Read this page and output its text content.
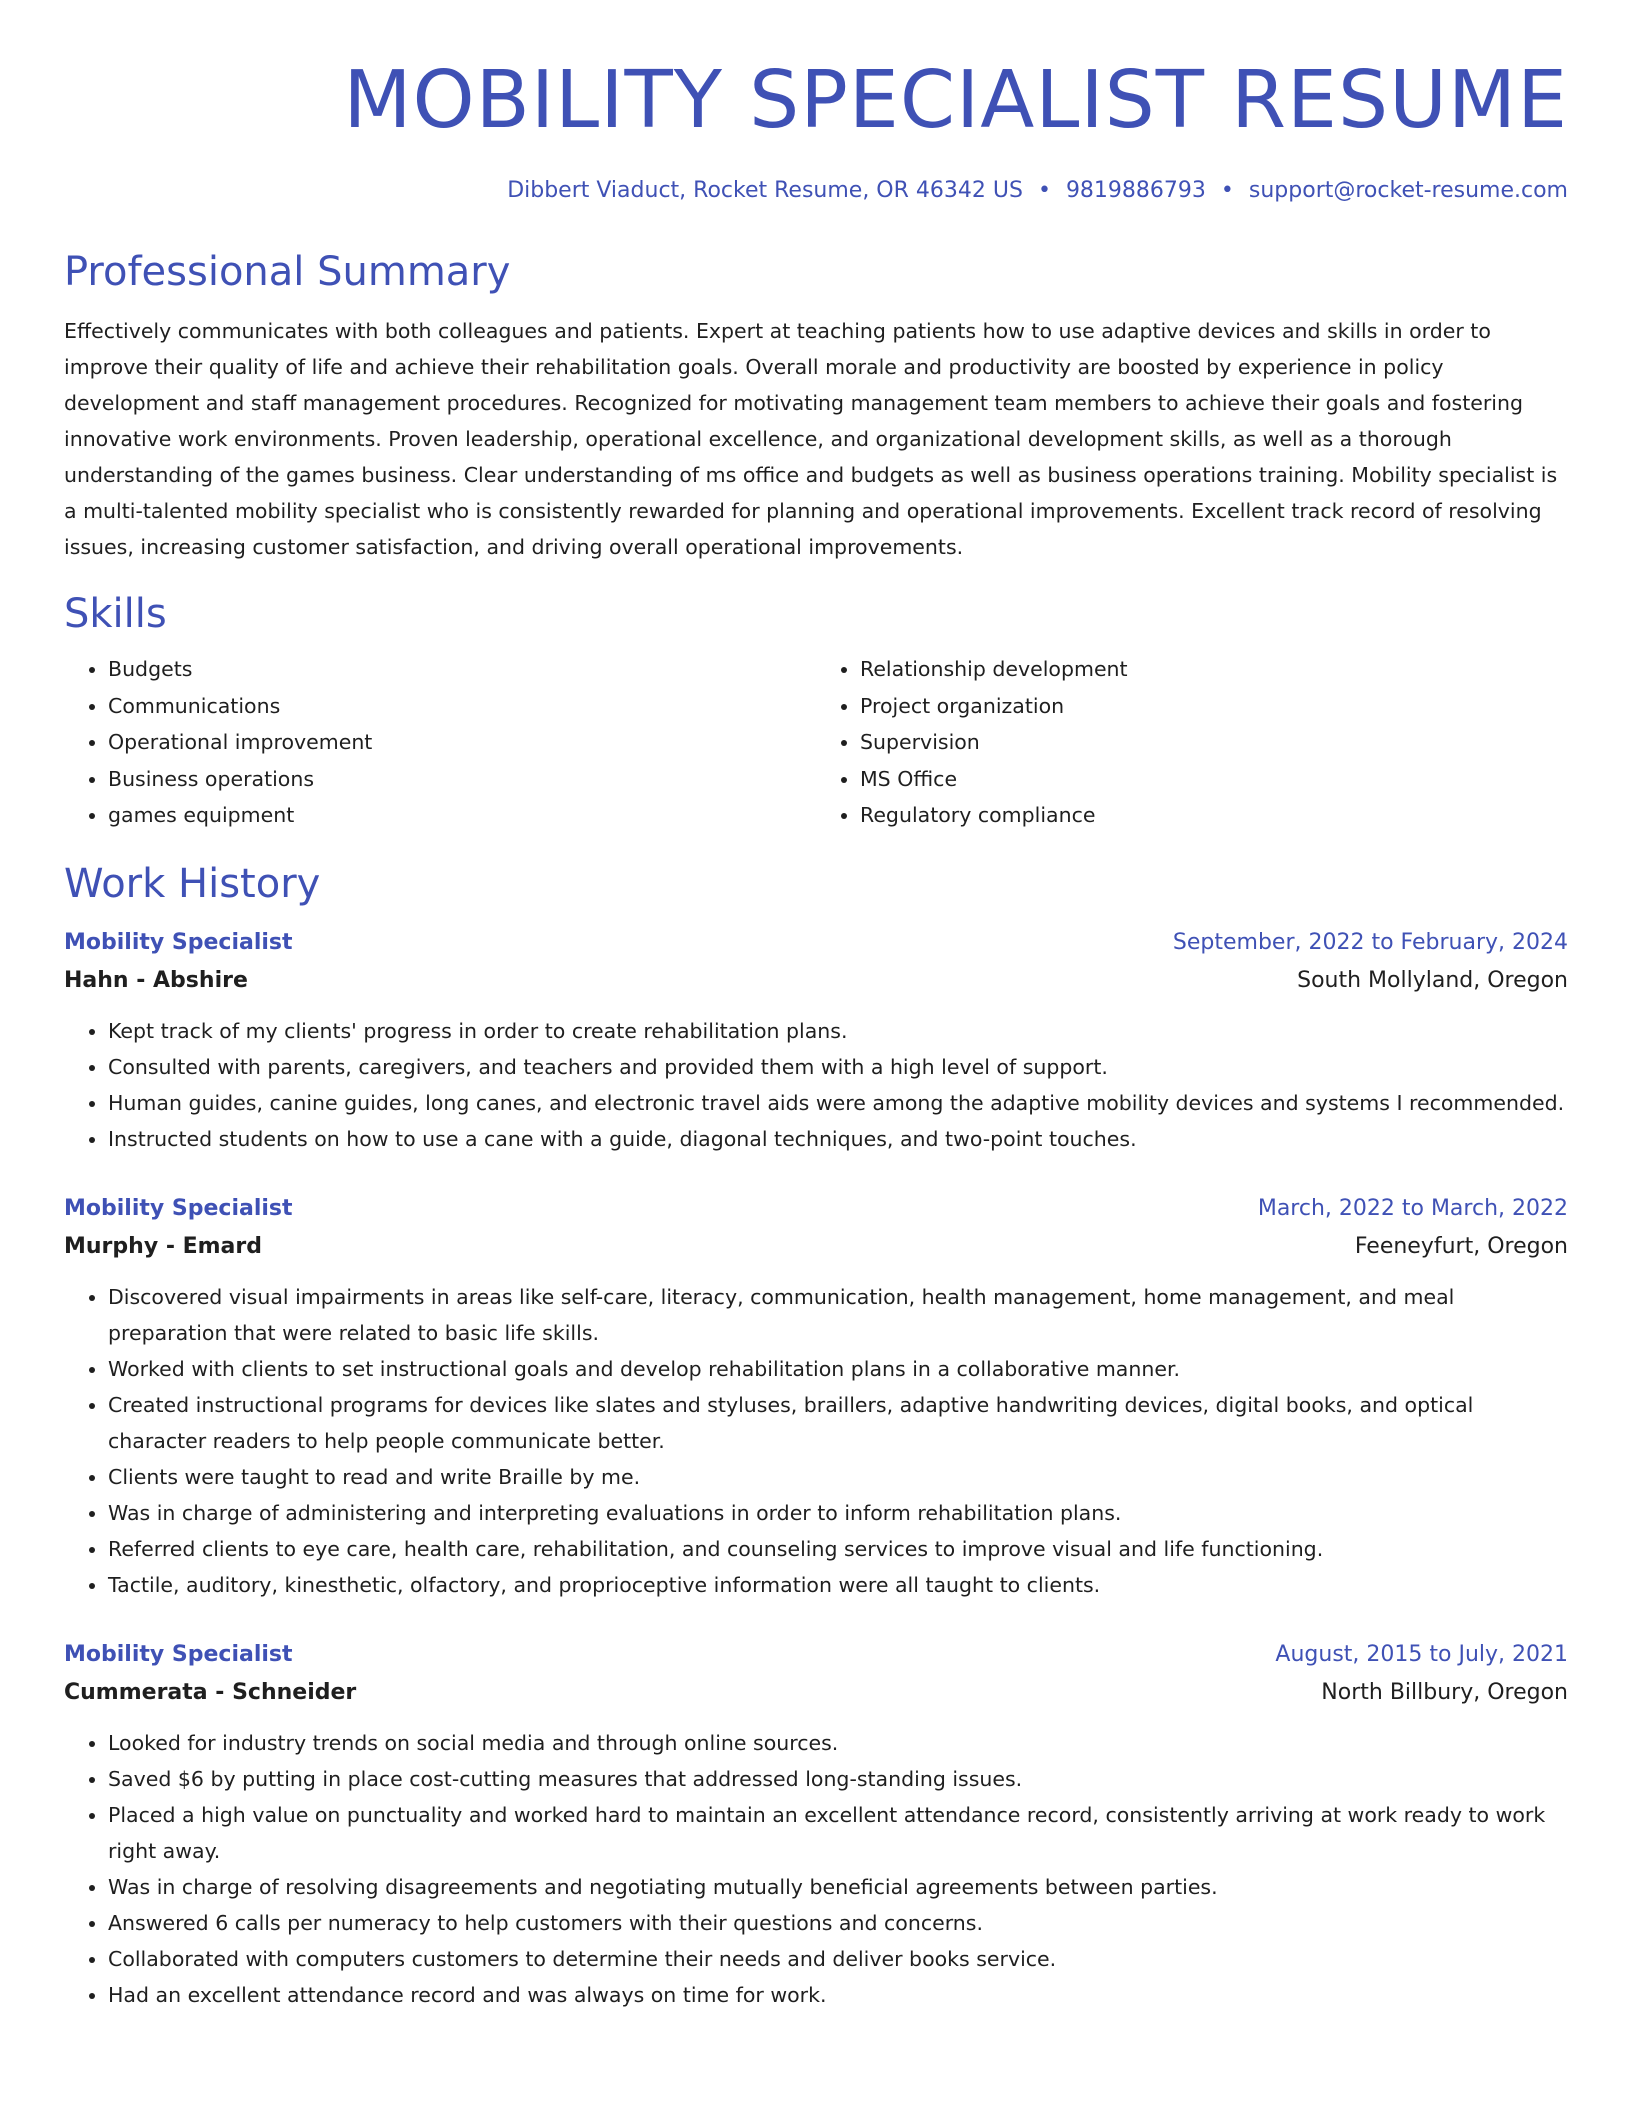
MOBILITY SPECIALIST RESUME
Dibbert Viaduct, Rocket Resume, OR 46342 US • 9819886793 • support@rocket-resume.com
Professional Summary

Effectively communicates with both colleagues and patients. Expert at teaching patients how to use adaptive devices and skills in order to improve their quality of life and achieve their rehabilitation goals. Overall morale and productivity are boosted by experience in policy development and staff management procedures. Recognized for motivating management team members to achieve their goals and fostering innovative work environments. Proven leadership, operational excellence, and organizational development skills, as well as a thorough understanding of the games business. Clear understanding of ms office and budgets as well as business operations training. Mobility specialist is a multi-talented mobility specialist who is consistently rewarded for planning and operational improvements. Excellent track record of resolving issues, increasing customer satisfaction, and driving overall operational improvements.

Skills
• Budgets
• Communications
• Operational improvement
• Business operations
• games equipment
• Relationship development
• Project organization
• Supervision
• MS Office
• Regulatory compliance
Work History
Mobility Specialist	September, 2022 to February, 2024
Hahn - Abshire	South Mollyland, Oregon
• Kept track of my clients' progress in order to create rehabilitation plans.
• Consulted with parents, caregivers, and teachers and provided them with a high level of support.
• Human guides, canine guides, long canes, and electronic travel aids were among the adaptive mobility devices and systems I recommended.
• Instructed students on how to use a cane with a guide, diagonal techniques, and two-point touches.
Mobility Specialist	March, 2022 to March, 2022
Murphy - Emard	Feeneyfurt, Oregon
• Discovered visual impairments in areas like self-care, literacy, communication, health management, home management, and meal preparation that were related to basic life skills.
• Worked with clients to set instructional goals and develop rehabilitation plans in a collaborative manner.
• Created instructional programs for devices like slates and styluses, braillers, adaptive handwriting devices, digital books, and optical character readers to help people communicate better.
• Clients were taught to read and write Braille by me.
• Was in charge of administering and interpreting evaluations in order to inform rehabilitation plans.
• Referred clients to eye care, health care, rehabilitation, and counseling services to improve visual and life functioning.
• Tactile, auditory, kinesthetic, olfactory, and proprioceptive information were all taught to clients.
Mobility Specialist	August, 2015 to July, 2021
Cummerata - Schneider	North Billbury, Oregon
• Looked for industry trends on social media and through online sources.
• Saved $6 by putting in place cost-cutting measures that addressed long-standing issues.
• Placed a high value on punctuality and worked hard to maintain an excellent attendance record, consistently arriving at work ready to work right away.
• Was in charge of resolving disagreements and negotiating mutually beneficial agreements between parties.
• Answered 6 calls per numeracy to help customers with their questions and concerns.
• Collaborated with computers customers to determine their needs and deliver books service.
• Had an excellent attendance record and was always on time for work.
